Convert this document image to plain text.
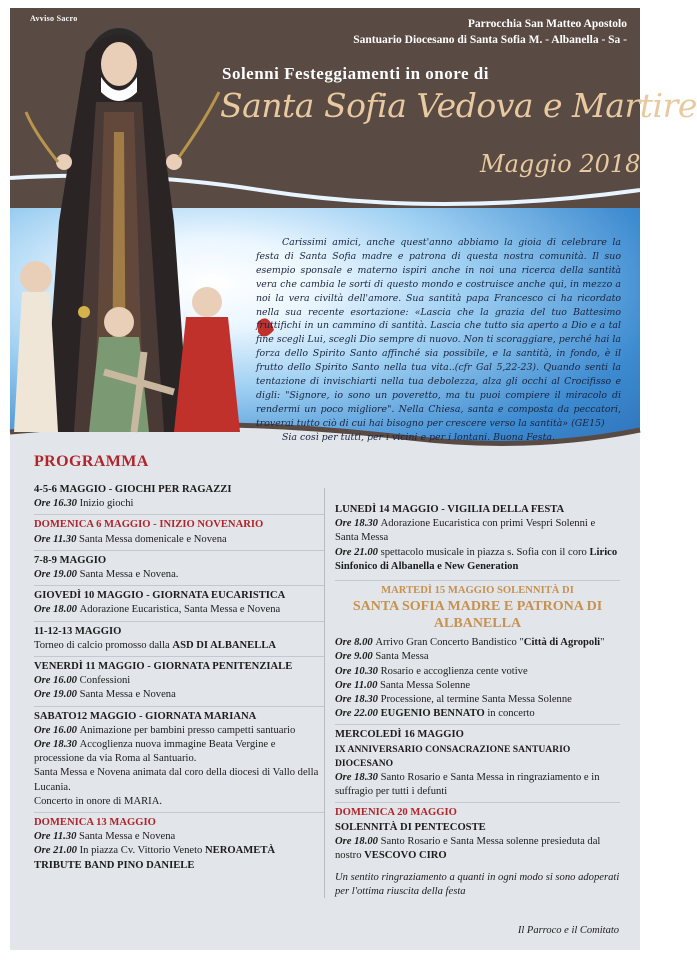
Avviso Sacro	Parrocchia San Matteo Apostolo
Santuario Diocesano di Santa Sofia M. - Albanella - Sa -
Solenni Festeggiamenti in onore di
Santa Sofia Vedova e Martire
Maggio 2018

Carissimi amici, anche quest'anno abbiamo la gioia di celebrare la festa di Santa Sofia madre e patrona di questa nostra comunità. Il suo esempio sponsale e materno ispiri anche in noi una ricerca della santità vera che cambia le sorti di questo mondo e costruisce anche qui, in mezzo a noi la vera civiltà dell'amore. Sua santità papa Francesco ci ha ricordato nella sua recente esortazione: «Lascia che la grazia del tuo Battesimo fruttifichi in un cammino di santità. Lascia che tutto sia aperto a Dio e a tal fine scegli Lui, scegli Dio sempre di nuovo. Non ti scoraggiare, perché hai la forza dello Spirito Santo affinché sia possibile, e la santità, in fondo, è il frutto dello Spirito Santo nella tua vita..(cfr Gal 5,22-23). Quando senti la tentazione di invischiarti nella tua debolezza, alza gli occhi al Crocifisso e digli: "Signore, io sono un poveretto, ma tu puoi compiere il miracolo di rendermi un poco migliore". Nella Chiesa, santa e composta da peccatori, troverai tutto ciò di cui hai bisogno per crescere verso la santità» (GE15)

Sia così per tutti, per i vicini e per i lontani. Buona Festa.

PROGRAMMA
4-5-6 MAGGIO - GIOCHI PER RAGAZZI
Ore 16.30 Inizio giochi
DOMENICA 6 MAGGIO - INIZIO NOVENARIO
Ore 11.30 Santa Messa domenicale e Novena
7-8-9 MAGGIO
Ore 19.00 Santa Messa e Novena.
GIOVEDÌ 10 MAGGIO - GIORNATA EUCARISTICA
Ore 18.00 Adorazione Eucaristica, Santa Messa e Novena
11-12-13 MAGGIO
Torneo di calcio promosso dalla ASD DI ALBANELLA
VENERDÌ 11 MAGGIO - GIORNATA PENITENZIALE
Ore 16.00 Confessioni
Ore 19.00 Santa Messa e Novena
SABATO12 MAGGIO - GIORNATA MARIANA
Ore 16.00 Animazione per bambini presso campetti santuario
Ore 18.30 Accoglienza nuova immagine Beata Vergine e processione da via Roma al Santuario.
Santa Messa e Novena animata dal coro della diocesi di Vallo della Lucania.
Concerto in onore di MARIA.
DOMENICA 13 MAGGIO
Ore 11.30 Santa Messa e Novena
Ore 21.00 In piazza Cv. Vittorio Veneto NEROAMETÀ TRIBUTE BAND PINO DANIELE
LUNEDÌ 14 MAGGIO - VIGILIA DELLA FESTA
Ore 18.30 Adorazione Eucaristica con primi Vespri Solenni e Santa Messa
Ore 21.00 spettacolo musicale in piazza s. Sofia con il coro Lirico Sinfonico di Albanella e New Generation
MARTEDÌ 15 MAGGIO SOLENNITÀ DI
SANTA SOFIA MADRE E PATRONA DI ALBANELLA
Ore 8.00 Arrivo Gran Concerto Bandistico "Città di Agropoli"
Ore 9.00 Santa Messa
Ore 10.30 Rosario e accoglienza cente votive
Ore 11.00 Santa Messa Solenne
Ore 18.30 Processione, al termine Santa Messa Solenne
Ore 22.00 EUGENIO BENNATO in concerto
MERCOLEDÌ 16 MAGGIO
IX ANNIVERSARIO CONSACRAZIONE SANTUARIO DIOCESANO
Ore 18.30 Santo Rosario e Santa Messa in ringraziamento e in suffragio per tutti i defunti
DOMENICA 20 MAGGIO
SOLENNITÀ DI PENTECOSTE
Ore 18.00 Santo Rosario e Santa Messa solenne presieduta dal nostro VESCOVO CIRO
Un sentito ringraziamento a quanti in ogni modo si sono adoperati per l'ottima riuscita della festa
Il Parroco e il Comitato
